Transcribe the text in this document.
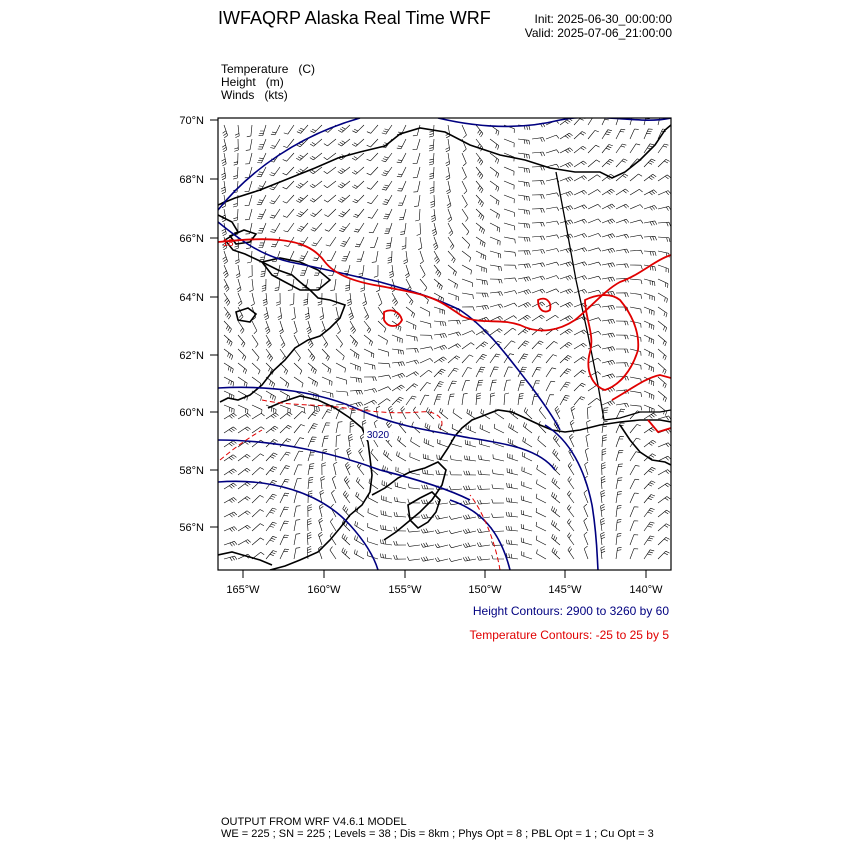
IWFAQRP Alaska Real Time WRF	Init: 2025-06-30_00:00:00
Valid: 2025-07-06_21:00:00
Temperature (C)
Height (m)
Winds (kts)
3020
18
70°N
68°N
66°N
64°N
62°N
60°N
58°N
56°N
165°W	160°W	155°W	150°W	145°W	140°W
Height Contours: 2900 to 3260 by 60
Temperature Contours: -25 to 25 by 5
OUTPUT FROM WRF V4.6.1 MODEL
WE = 225 ; SN = 225 ; Levels = 38 ; Dis = 8km ; Phys Opt = 8 ; PBL Opt = 1 ; Cu Opt = 3
